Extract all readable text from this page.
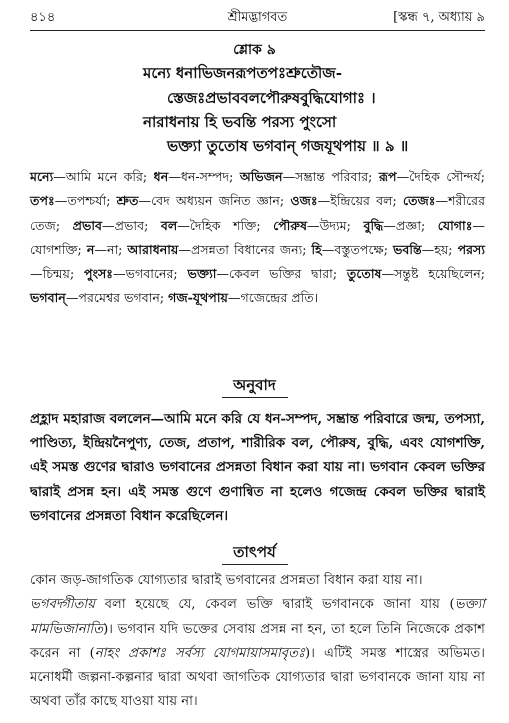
৪১৪	শ্রীমদ্ভাগবত	[স্কন্ধ ৭, অধ্যায় ৯
শ্লোক ৯
মন্যে ধনাভিজনরূপতপঃশ্রুতৌজ-
স্তেজঃপ্রভাববলপৌরুষবুদ্ধিযোগাঃ ।
নারাধনায় হি ভবন্তি পরস্য পুংসো
ভক্ত্যা তুতোষ ভগবান্ গজযূথপায় ॥ ৯ ॥
মন্যে—আমি মনে করি; ধন—ধন-সম্পদ; অভিজন—সম্ভ্রান্ত পরিবার; রূপ—দৈহিক সৌন্দর্য; তপঃ—তপশ্চর্যা; শ্রুত—বেদ অধ্যয়ন জনিত জ্ঞান; ওজঃ—ইন্দ্রিয়ের বল; তেজঃ—শরীরের তেজ; প্রভাব—প্রভাব; বল—দৈহিক শক্তি; পৌরুষ—উদ্যম; বুদ্ধি—প্রজ্ঞা; যোগাঃ—যোগশক্তি; ন—না; আরাধনায়—প্রসন্নতা বিধানের জন্য; হি—বস্তুতপক্ষে; ভবন্তি—হয়; পরস্য—চিন্ময়; পুংসঃ—ভগবানের; ভক্ত্যা—কেবল ভক্তির দ্বারা; তুতোষ—সন্তুষ্ট হয়েছিলেন; ভগবান্—পরমেশ্বর ভগবান; গজ-যূথপায়—গজেন্দ্রের প্রতি।
অনুবাদ
প্রহ্লাদ মহারাজ বললেন—আমি মনে করি যে ধন-সম্পদ, সম্ভ্রান্ত পরিবারে জন্ম, তপস্যা, পাণ্ডিত্য, ইন্দ্রিয়নৈপুণ্য, তেজ, প্রতাপ, শারীরিক বল, পৌরুষ, বুদ্ধি, এবং যোগশক্তি, এই সমস্ত গুণের দ্বারাও ভগবানের প্রসন্নতা বিধান করা যায় না। ভগবান কেবল ভক্তির দ্বারাই প্রসন্ন হন। এই সমস্ত গুণে গুণান্বিত না হলেও গজেন্দ্র কেবল ভক্তির দ্বারাই ভগবানের প্রসন্নতা বিধান করেছিলেন।
তাৎপর্য
কোন জড়-জাগতিক যোগ্যতার দ্বারাই ভগবানের প্রসন্নতা বিধান করা যায় না।
ভগবদ্গীতায় বলা হয়েছে যে, কেবল ভক্তি দ্বারাই ভগবানকে জানা যায় (ভক্ত্যা মামভিজানাতি)। ভগবান যদি ভক্তের সেবায় প্রসন্ন না হন, তা হলে তিনি নিজেকে প্রকাশ করেন না (নাহং প্রকাশঃ সর্বস্য যোগমায়াসমাবৃতঃ)। এটিই সমস্ত শাস্ত্রের অভিমত। মনোধর্মী জল্পনা-কল্পনার দ্বারা অথবা জাগতিক যোগ্যতার দ্বারা ভগবানকে জানা যায় না অথবা তাঁর কাছে যাওয়া যায় না।
